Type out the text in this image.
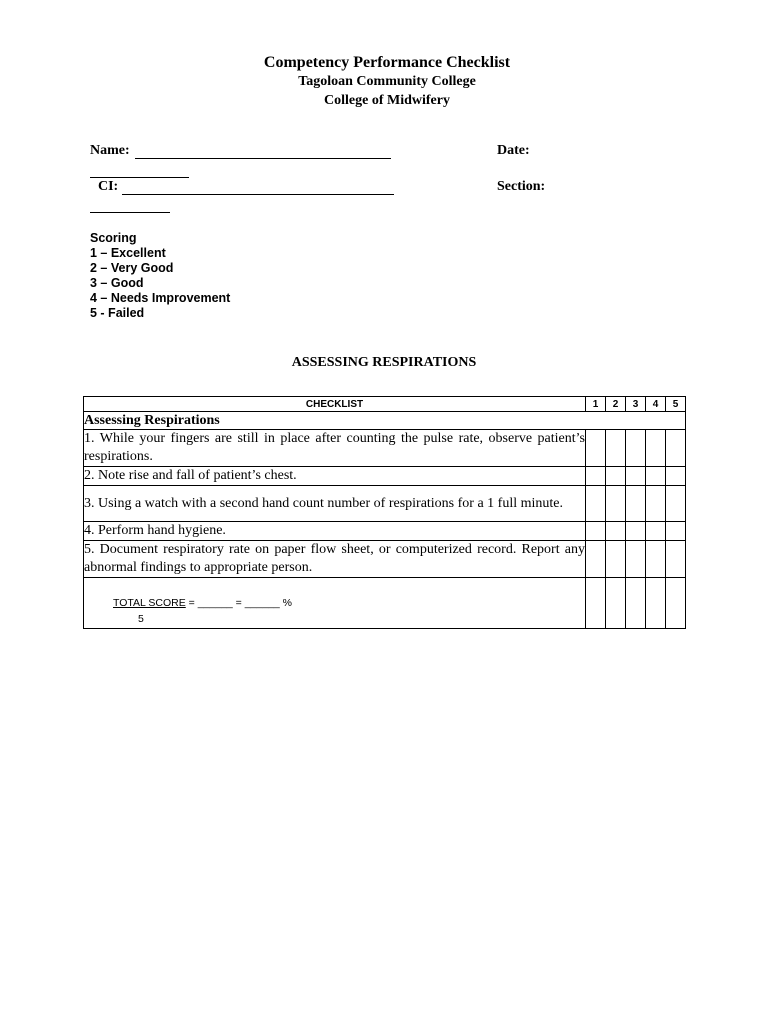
Competency Performance Checklist
Tagoloan Community College
College of Midwifery
Name:	Date:
CI:	Section:
Scoring
1 – Excellent
2 – Very Good
3 – Good
4 – Needs Improvement
5 - Failed
ASSESSING RESPIRATIONS
CHECKLIST	1	2	3	4	5
Assessing Respirations					
1. While your fingers are still in place after counting the pulse rate, observe patient’s respirations.					
2. Note rise and fall of patient’s chest.					
3. Using a watch with a second hand count number of respirations for a 1 full minute.					
4. Perform hand hygiene.					
5. Document respiratory rate on paper flow sheet, or computerized record. Report any abnormal findings to appropriate person.					

TOTAL SCORE = ______ = ______ %
5					
